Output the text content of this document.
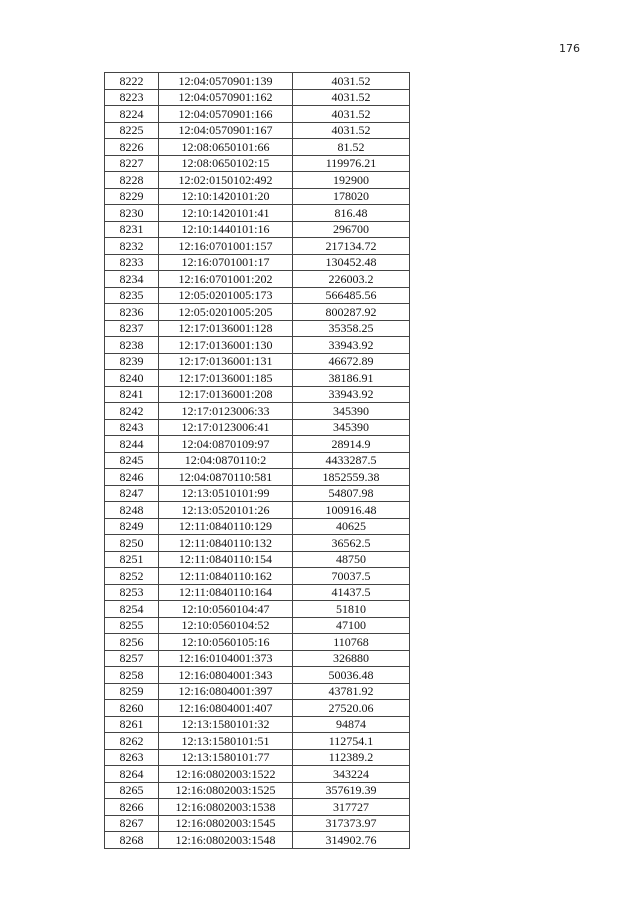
176
8222	12:04:0570901:139	4031.52
8223	12:04:0570901:162	4031.52
8224	12:04:0570901:166	4031.52
8225	12:04:0570901:167	4031.52
8226	12:08:0650101:66	81.52
8227	12:08:0650102:15	119976.21
8228	12:02:0150102:492	192900
8229	12:10:1420101:20	178020
8230	12:10:1420101:41	816.48
8231	12:10:1440101:16	296700
8232	12:16:0701001:157	217134.72
8233	12:16:0701001:17	130452.48
8234	12:16:0701001:202	226003.2
8235	12:05:0201005:173	566485.56
8236	12:05:0201005:205	800287.92
8237	12:17:0136001:128	35358.25
8238	12:17:0136001:130	33943.92
8239	12:17:0136001:131	46672.89
8240	12:17:0136001:185	38186.91
8241	12:17:0136001:208	33943.92
8242	12:17:0123006:33	345390
8243	12:17:0123006:41	345390
8244	12:04:0870109:97	28914.9
8245	12:04:0870110:2	4433287.5
8246	12:04:0870110:581	1852559.38
8247	12:13:0510101:99	54807.98
8248	12:13:0520101:26	100916.48
8249	12:11:0840110:129	40625
8250	12:11:0840110:132	36562.5
8251	12:11:0840110:154	48750
8252	12:11:0840110:162	70037.5
8253	12:11:0840110:164	41437.5
8254	12:10:0560104:47	51810
8255	12:10:0560104:52	47100
8256	12:10:0560105:16	110768
8257	12:16:0104001:373	326880
8258	12:16:0804001:343	50036.48
8259	12:16:0804001:397	43781.92
8260	12:16:0804001:407	27520.06
8261	12:13:1580101:32	94874
8262	12:13:1580101:51	112754.1
8263	12:13:1580101:77	112389.2
8264	12:16:0802003:1522	343224
8265	12:16:0802003:1525	357619.39
8266	12:16:0802003:1538	317727
8267	12:16:0802003:1545	317373.97
8268	12:16:0802003:1548	314902.76
